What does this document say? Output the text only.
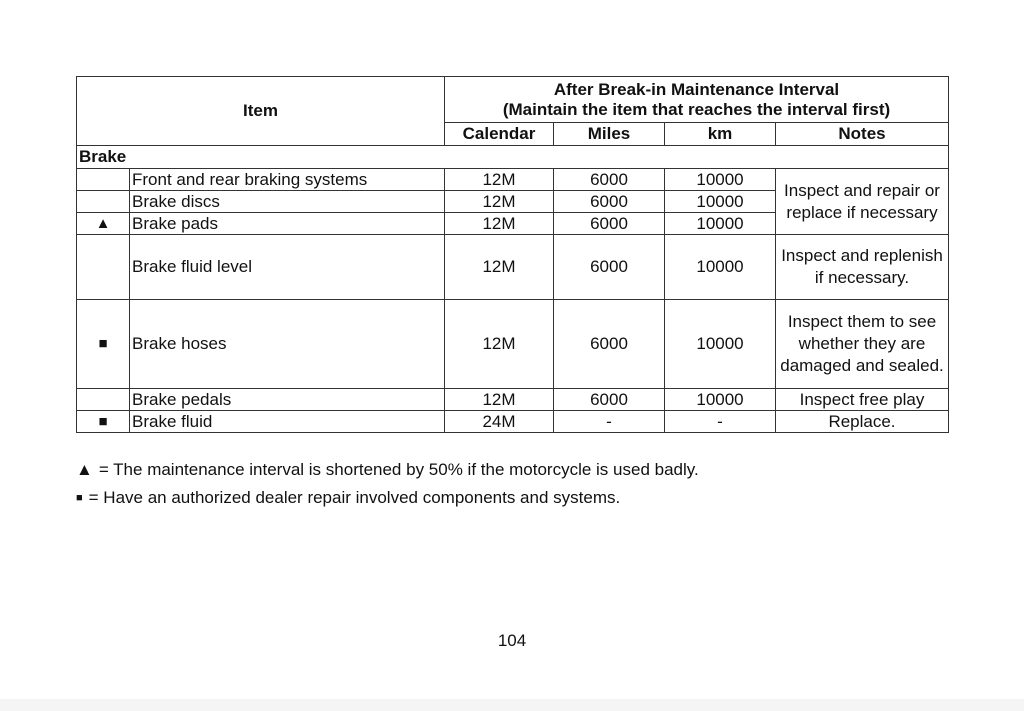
Item		After Break-in Maintenance Interval
(Maintain the item that reaches the interval first)			

		Calendar	Miles	km	Notes
Brake					
	Front and rear braking systems	12M	6000	10000	Inspect and repair or replace if necessary
	Brake discs	12M	6000	10000	
▲	Brake pads	12M	6000	10000	
	Brake fluid level	12M	6000	10000	Inspect and replenish if necessary.
■	Brake hoses	12M	6000	10000	Inspect them to see whether they are damaged and sealed.
	Brake pedals	12M	6000	10000	Inspect free play
■	Brake fluid	24M	-	-	Replace.
▲ = The maintenance interval is shortened by 50% if the motorcycle is used badly.
■ = Have an authorized dealer repair involved components and systems.
104
